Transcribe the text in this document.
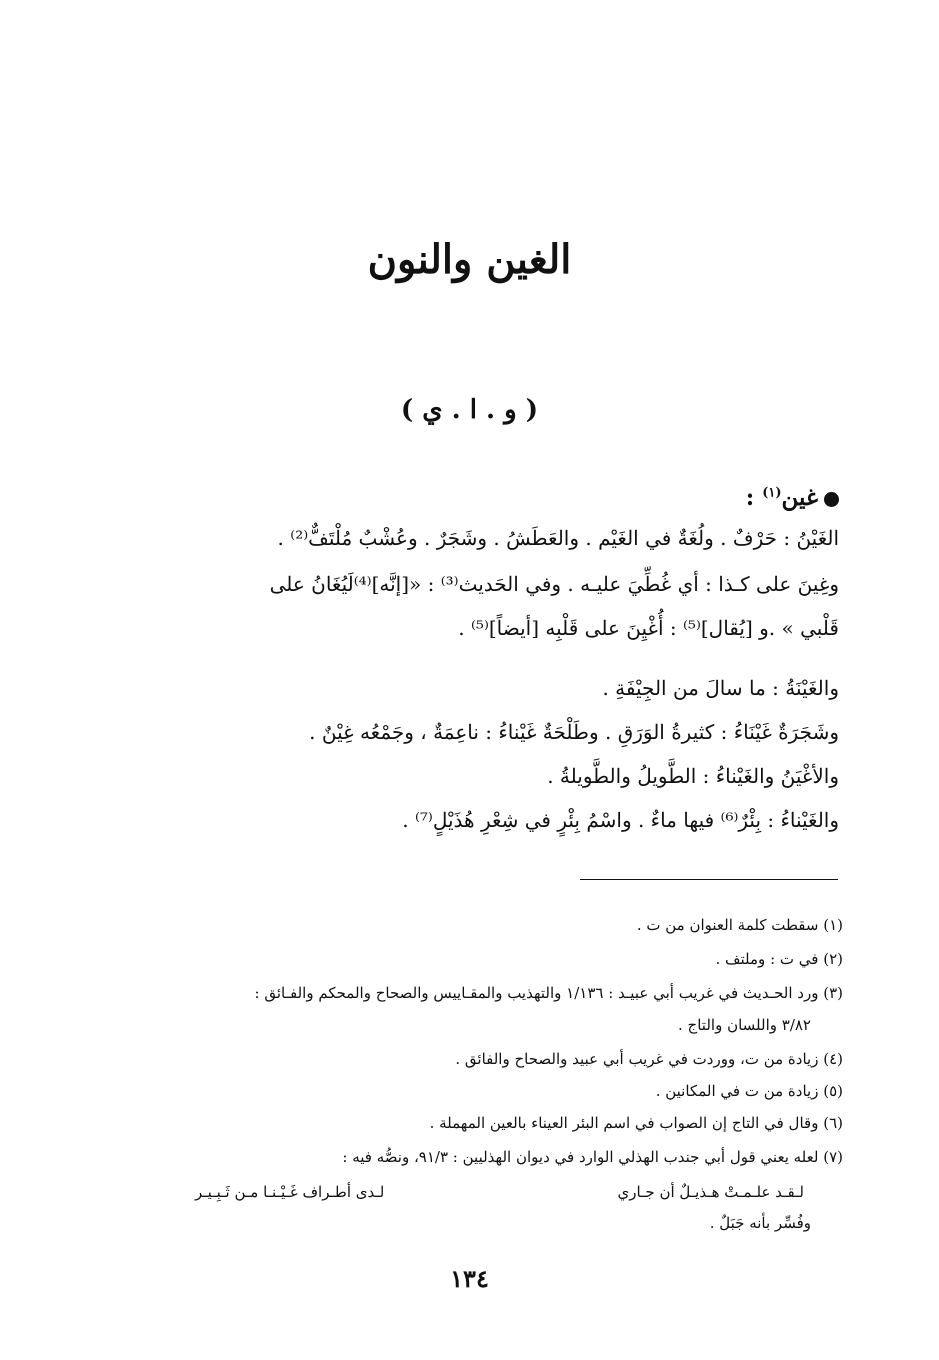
الغين والنون
( و . ا . ي )
غين$^{(١)}$ :
الغَيْنُ : حَرْفٌ . ولُغَةٌ في الغَيْم . والعَطَشُ . وشَجَرٌ . وعُشْبٌ مُلْتَفٌّ⁽²⁾ .
وغِينَ على كـذا : أي غُطِّيَ عليـه . وفي الحَديث⁽³⁾ : «[إنَّه]⁽⁴⁾لَيُغَانُ على
قَلْبي » .و [يُقال]⁽⁵⁾ : أُغْيِنَ على قَلْبِه [أيضاً]⁽⁵⁾ .
والغَيْنَةُ : ما سالَ من الجِيْفَةِ .
وشَجَرَةٌ غَيْنَاءُ : كثيرةُ الوَرَقِ . وطَلْحَةٌ غَيْناءُ : ناعِمَةٌ ، وجَمْعُه غِيْنٌ .
والأغْيَنُ والغَيْناءُ : الطَّويلُ والطَّويلةُ .
والغَيْناءُ : بِئْرٌ⁽⁶⁾ فيها ماءٌ . واسْمُ بِئْرٍ في شِعْرِ هُذَيْلٍ⁽⁷⁾ .
(١) سقطت كلمة العنوان من ت .
(٢) في ت : وملتف .
(٣) ورد الحـديث في غريب أبي عبيـد : ١/١٣٦ والتهذيب والمقـاييس والصحاح والمحكم والفـائق :
٣/٨٢ واللسان والتاج .
(٤) زيادة من ت، ووردت في غريب أبي عبيد والصحاح والفائق .
(٥) زيادة من ت في المكانين .
(٦) وقال في التاج إن الصواب في اسم البئر العيناء بالعين المهملة .
(٧) لعله يعني قول أبي جندب الهذلي الوارد في ديوان الهذليين : ٩١/٣، ونصُّه فيه :
لـقـد علـمـتْ هـذيـلٌ أن جـاري
لـدى أطـراف غَـيْـنـا مـن ثَـبِـيـر
وفُسِّر بأنه جَبَلٌ .
١٣٤
